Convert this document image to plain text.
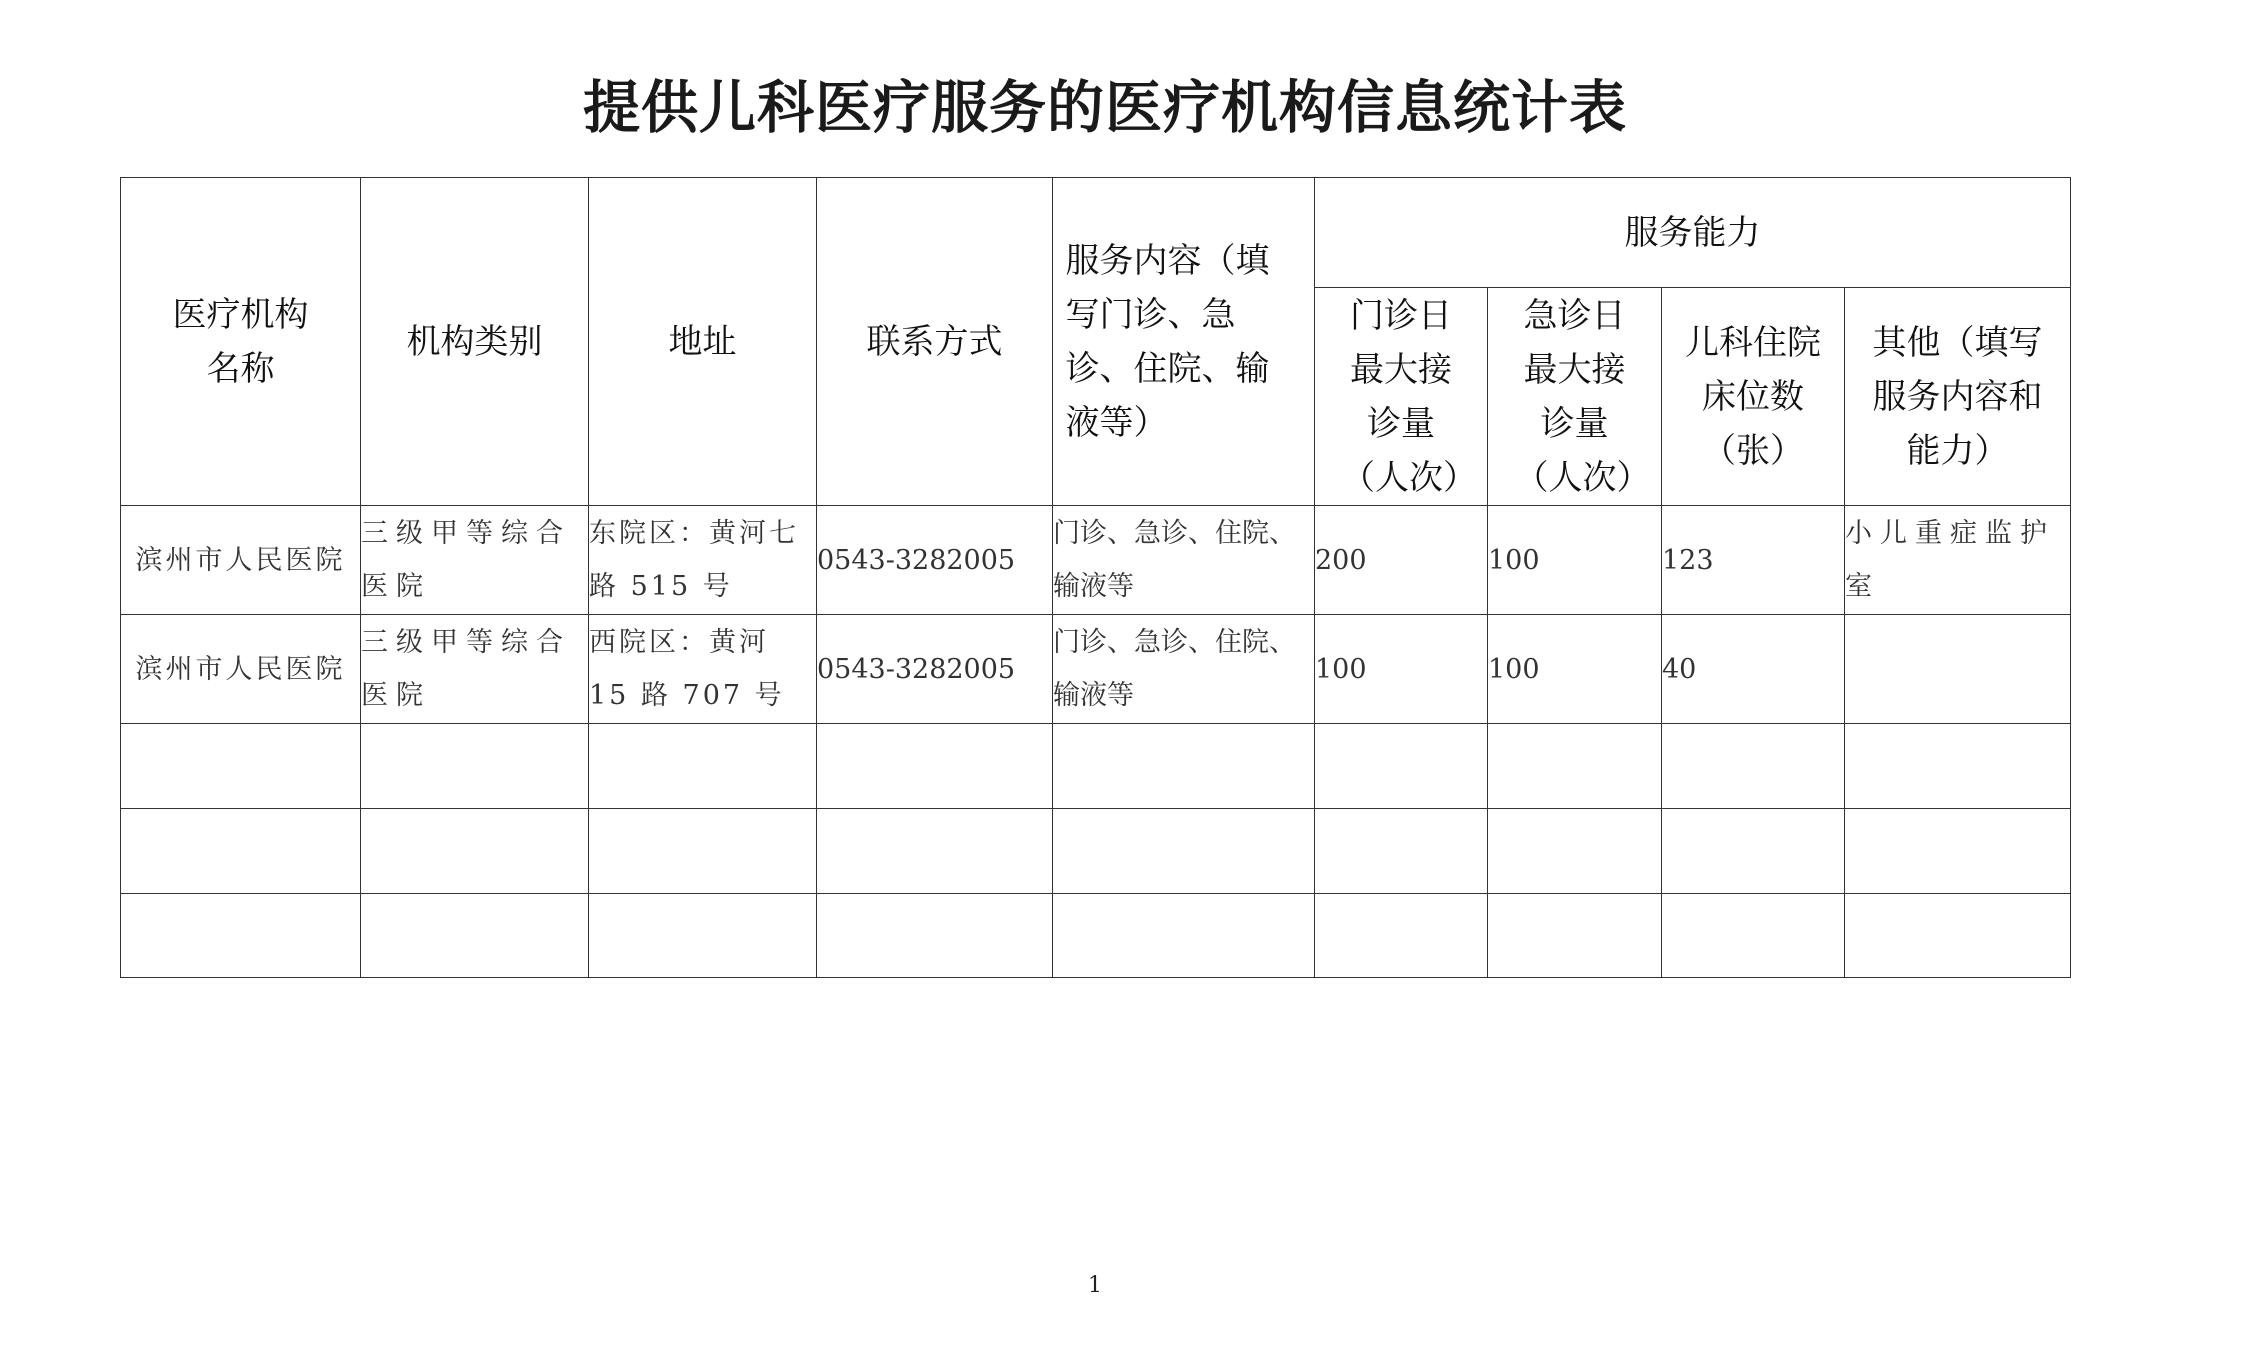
提供儿科医疗服务的医疗机构信息统计表
医疗机构名称	机构类别	地址	联系方式	服务内容（填写门诊、急诊、住院、输液等）	服务能力			

					门诊日最大接诊量（人次）	急诊日最大接诊量（人次）	儿科住院床位数（张）	其他（填写服务内容和能力）

滨州市人民医院	三级甲等综合医院	东院区：黄河七路 515 号	0543-3282005	门诊、急诊、住院、输液等	200	100	123	小儿重症监护室
滨州市人民医院	三级甲等综合医院	西院区：黄河 15 路 707 号	0543-3282005	门诊、急诊、住院、输液等	100	100	40	

1
